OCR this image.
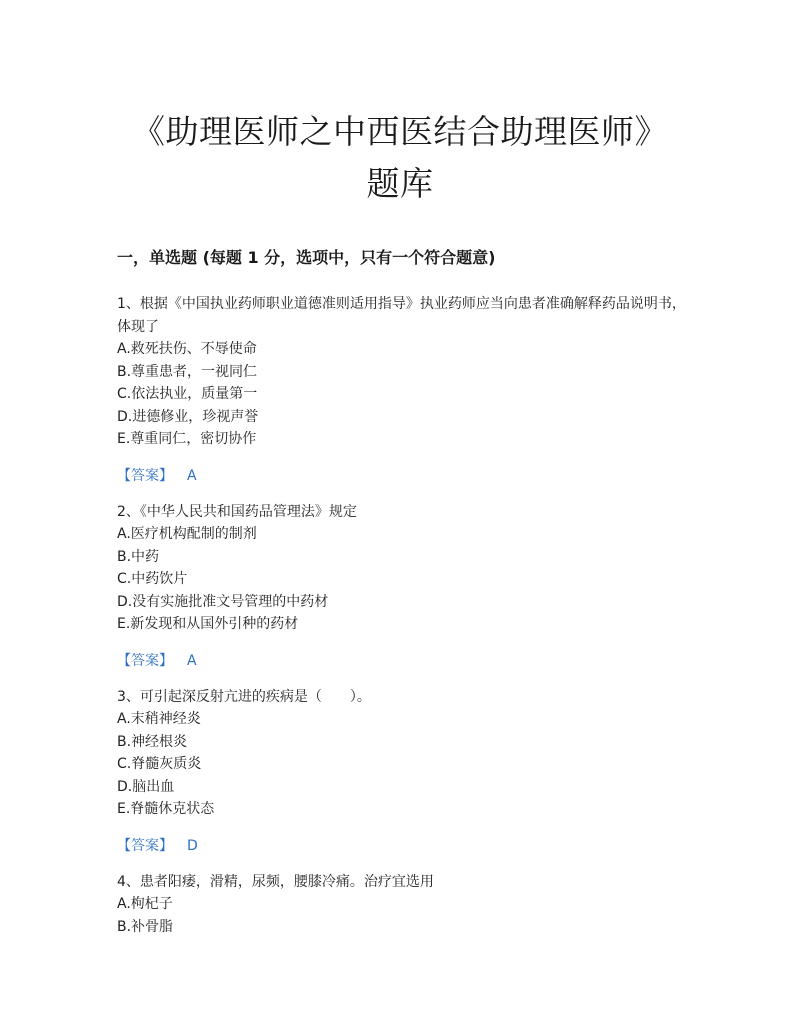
《助理医师之中西医结合助理医师》
题库
一，单选题 (每题 1 分，选项中，只有一个符合题意)
1、根据《中国执业药师职业道德准则适用指导》执业药师应当向患者准确解释药品说明书，体现了
A.救死扶伤、不辱使命
B.尊重患者，一视同仁
C.依法执业，质量第一
D.进德修业，珍视声誉
E.尊重同仁，密切协作
【答案】 A
2、《中华人民共和国药品管理法》规定
A.医疗机构配制的制剂
B.中药
C.中药饮片
D.没有实施批准文号管理的中药材
E.新发现和从国外引种的药材
【答案】 A
3、可引起深反射亢进的疾病是（　　）。
A.末稍神经炎
B.神经根炎
C.脊髓灰质炎
D.脑出血
E.脊髓休克状态
【答案】 D
4、患者阳痿，滑精，尿频，腰膝冷痛。治疗宜选用
A.枸杞子
B.补骨脂
